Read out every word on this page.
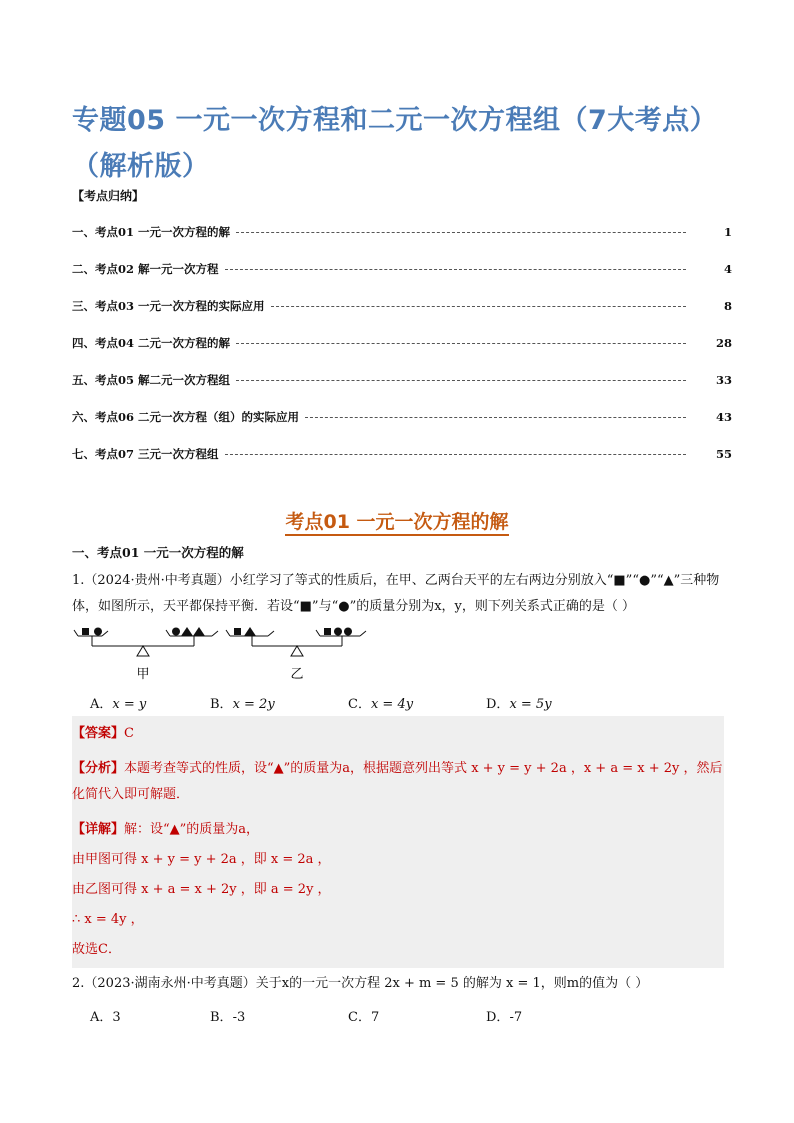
专题05 一元一次方程和二元一次方程组（7大考点）
（解析版）
【考点归纳】
一、考点01 一元一次方程的解	1
二、考点02 解一元一次方程	4
三、考点03 一元一次方程的实际应用	8
四、考点04 二元一次方程的解	28
五、考点05 解二元一次方程组	33
六、考点06 二元一次方程（组）的实际应用	43
七、考点07 三元一次方程组	55
考点01 一元一次方程的解
一、考点01 一元一次方程的解
1.（2024·贵州·中考真题）小红学习了等式的性质后，在甲、乙两台天平的左右两边分别放入“■”“●”“▲”三种物体，如图所示，天平都保持平衡．若设“■”与“●”的质量分别为x，y，则下列关系式正确的是（ ）
甲	乙
A．x = y	B．x = 2y	C．x = 4y	D．x = 5y
【答案】C
【分析】本题考查等式的性质，设“▲”的质量为a，根据题意列出等式 x + y = y + 2a ，x + a = x + 2y ，然后化简代入即可解题．
【详解】解：设“▲”的质量为a，
由甲图可得 x + y = y + 2a ，即 x = 2a ，
由乙图可得 x + a = x + 2y ，即 a = 2y ，
∴ x = 4y ，
故选C．
2.（2023·湖南永州·中考真题）关于x的一元一次方程 2x + m = 5 的解为 x = 1，则m的值为（ ）
A．3	B．-3	C．7	D．-7
